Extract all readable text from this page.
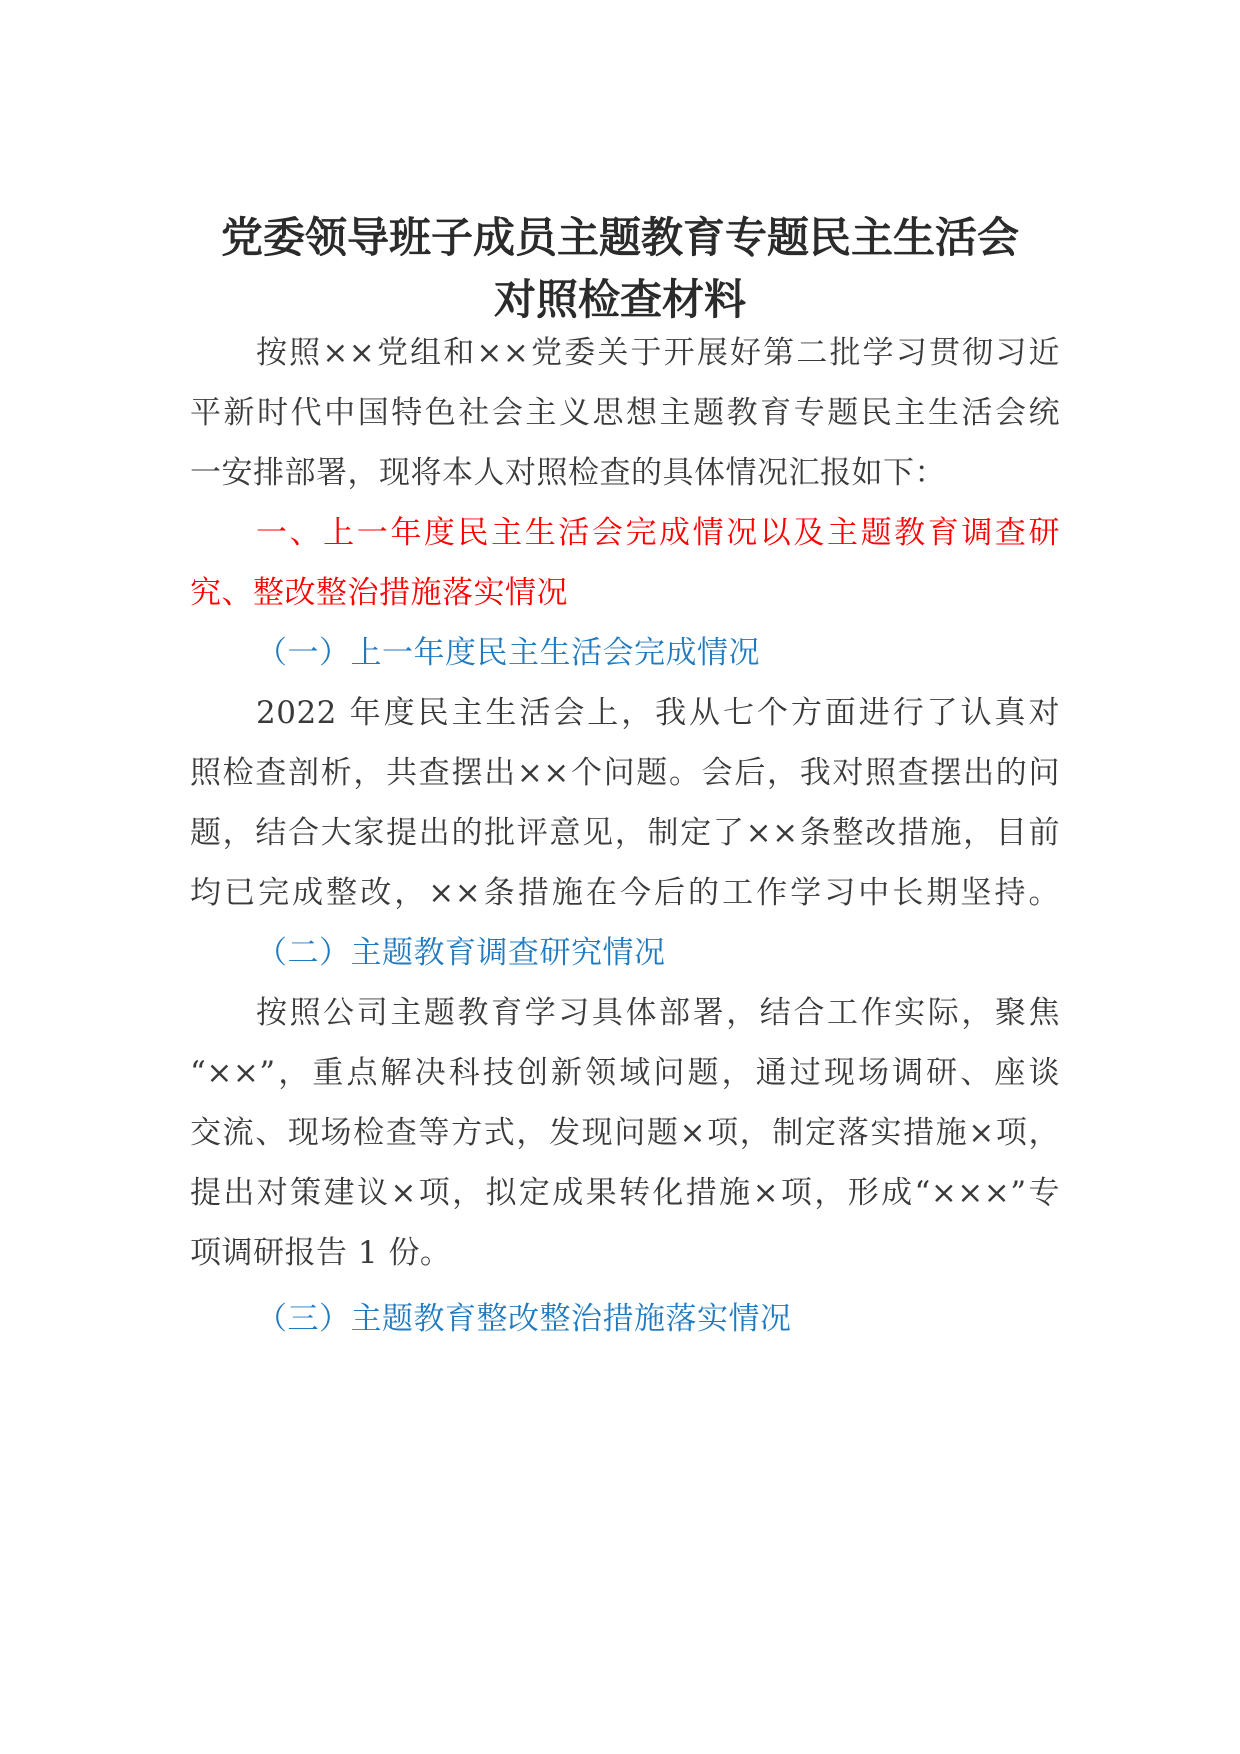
党委领导班子成员主题教育专题民主生活会
对照检查材料
按照××党组和××党委关于开展好第二批学习贯彻习近
平新时代中国特色社会主义思想主题教育专题民主生活会统
一安排部署，现将本人对照检查的具体情况汇报如下：
一、上一年度民主生活会完成情况以及主题教育调查研
究、整改整治措施落实情况
（一）上一年度民主生活会完成情况
2022 年度民主生活会上，我从七个方面进行了认真对
照检查剖析，共查摆出××个问题。会后，我对照查摆出的问
题，结合大家提出的批评意见，制定了××条整改措施，目前
均已完成整改，××条措施在今后的工作学习中长期坚持。
（二）主题教育调查研究情况
按照公司主题教育学习具体部署，结合工作实际，聚焦
“××”，重点解决科技创新领域问题，通过现场调研、座谈
交流、现场检查等方式，发现问题×项，制定落实措施×项，
提出对策建议×项，拟定成果转化措施×项，形成“×××”专
项调研报告 1 份。
（三）主题教育整改整治措施落实情况
